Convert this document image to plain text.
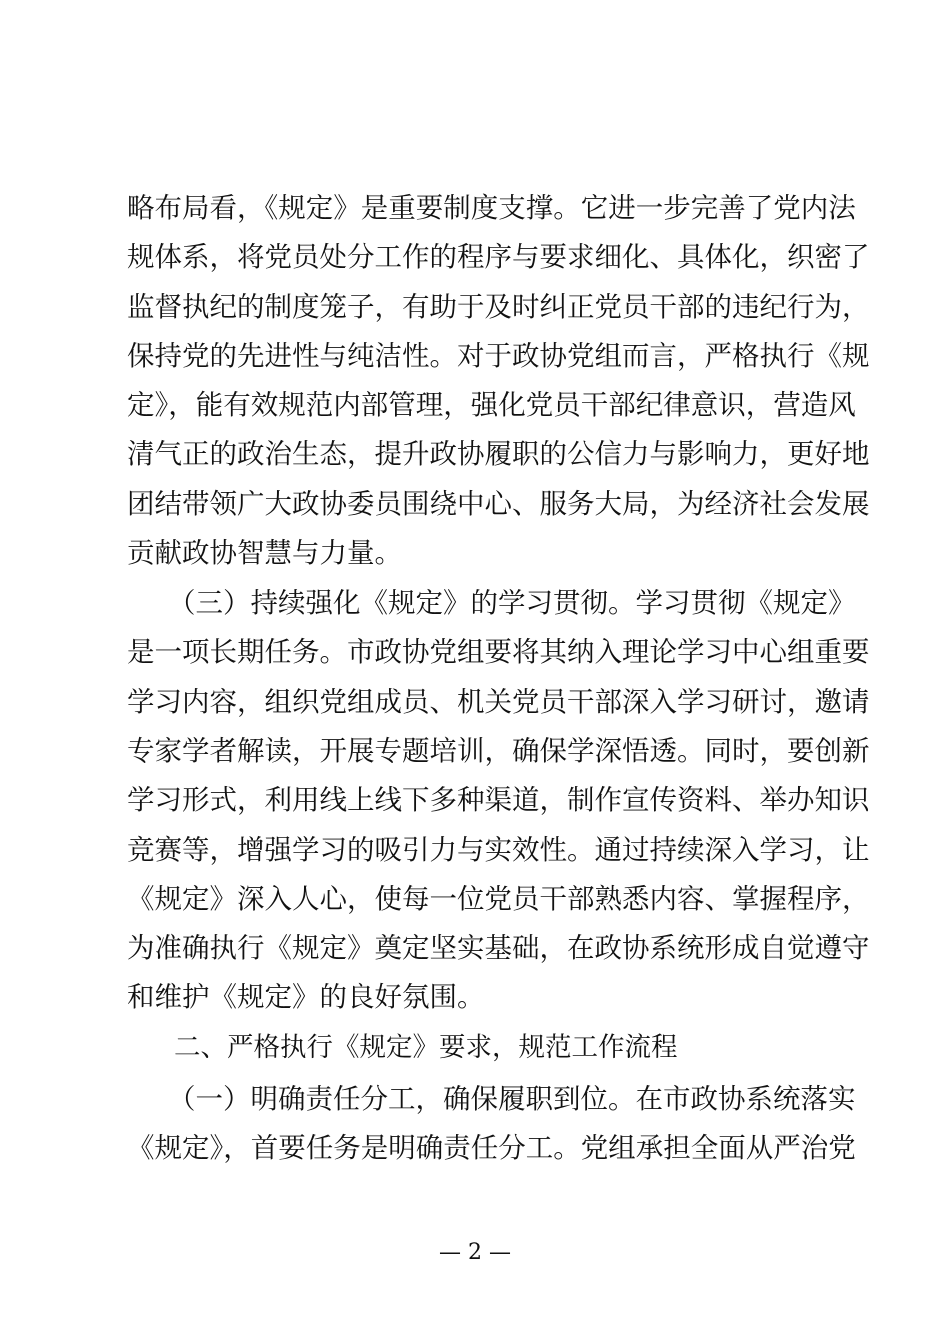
略布局看，《规定》是重要制度支撑。它进一步完善了党内法
规体系，将党员处分工作的程序与要求细化、具体化，织密了
监督执纪的制度笼子，有助于及时纠正党员干部的违纪行为，
保持党的先进性与纯洁性。对于政协党组而言，严格执行《规
定》，能有效规范内部管理，强化党员干部纪律意识，营造风
清气正的政治生态，提升政协履职的公信力与影响力，更好地
团结带领广大政协委员围绕中心、服务大局，为经济社会发展
贡献政协智慧与力量。
（三）持续强化《规定》的学习贯彻。学习贯彻《规定》
是一项长期任务。市政协党组要将其纳入理论学习中心组重要
学习内容，组织党组成员、机关党员干部深入学习研讨，邀请
专家学者解读，开展专题培训，确保学深悟透。同时，要创新
学习形式，利用线上线下多种渠道，制作宣传资料、举办知识
竞赛等，增强学习的吸引力与实效性。通过持续深入学习，让
《规定》深入人心，使每一位党员干部熟悉内容、掌握程序，
为准确执行《规定》奠定坚实基础，在政协系统形成自觉遵守
和维护《规定》的良好氛围。
二、严格执行《规定》要求，规范工作流程
（一）明确责任分工，确保履职到位。在市政协系统落实
《规定》，首要任务是明确责任分工。党组承担全面从严治党
— 2 —
